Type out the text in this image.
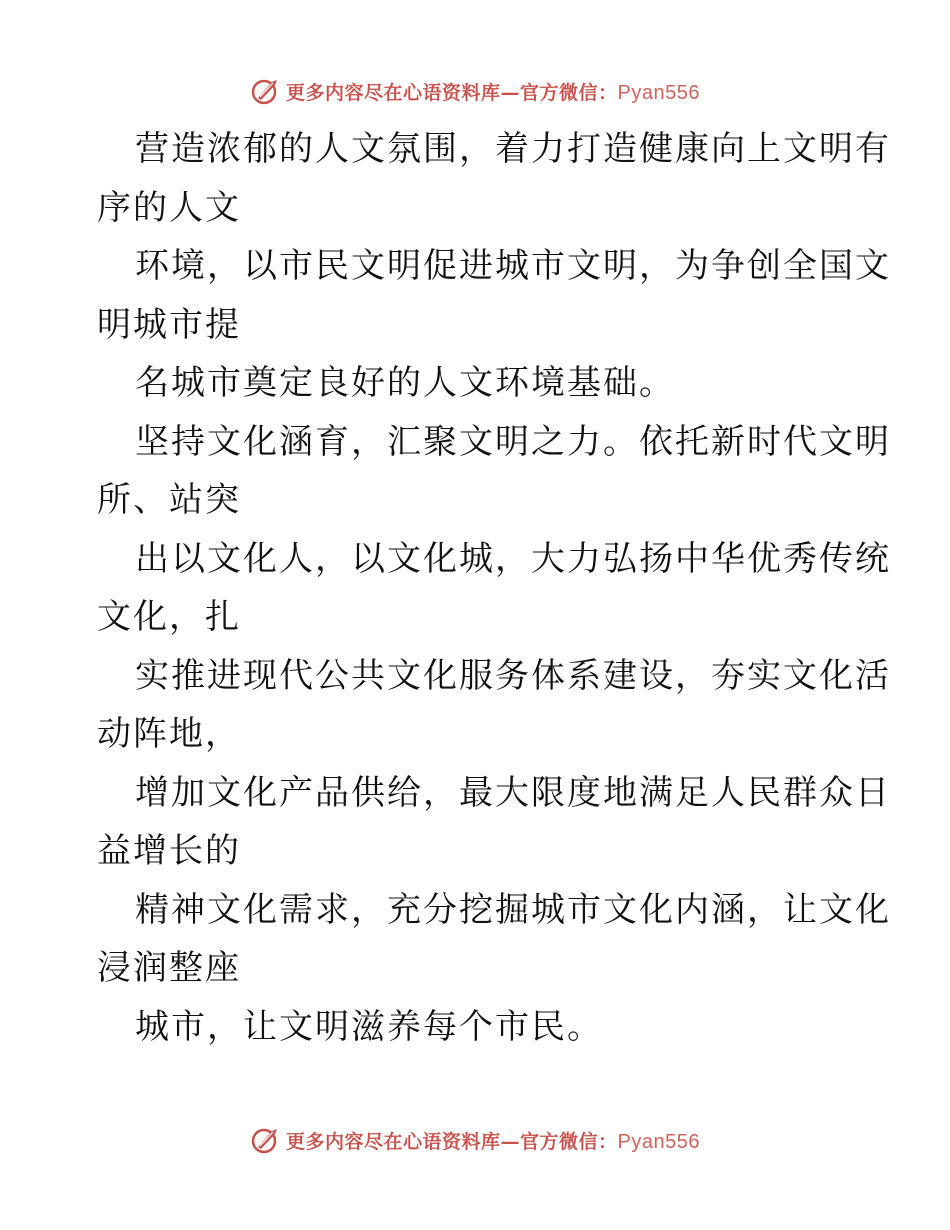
更多内容尽在心语资料库—官方微信：Pyan556
营造浓郁的人文氛围，着力打造健康向上文明有
序的人文
环境，以市民文明促进城市文明，为争创全国文
明城市提
名城市奠定良好的人文环境基础。
坚持文化涵育，汇聚文明之力。依托新时代文明
所、站突
出以文化人，以文化城，大力弘扬中华优秀传统
文化，扎
实推进现代公共文化服务体系建设，夯实文化活
动阵地，
增加文化产品供给，最大限度地满足人民群众日
益增长的
精神文化需求，充分挖掘城市文化内涵，让文化
浸润整座
城市，让文明滋养每个市民。
更多内容尽在心语资料库—官方微信：Pyan556
